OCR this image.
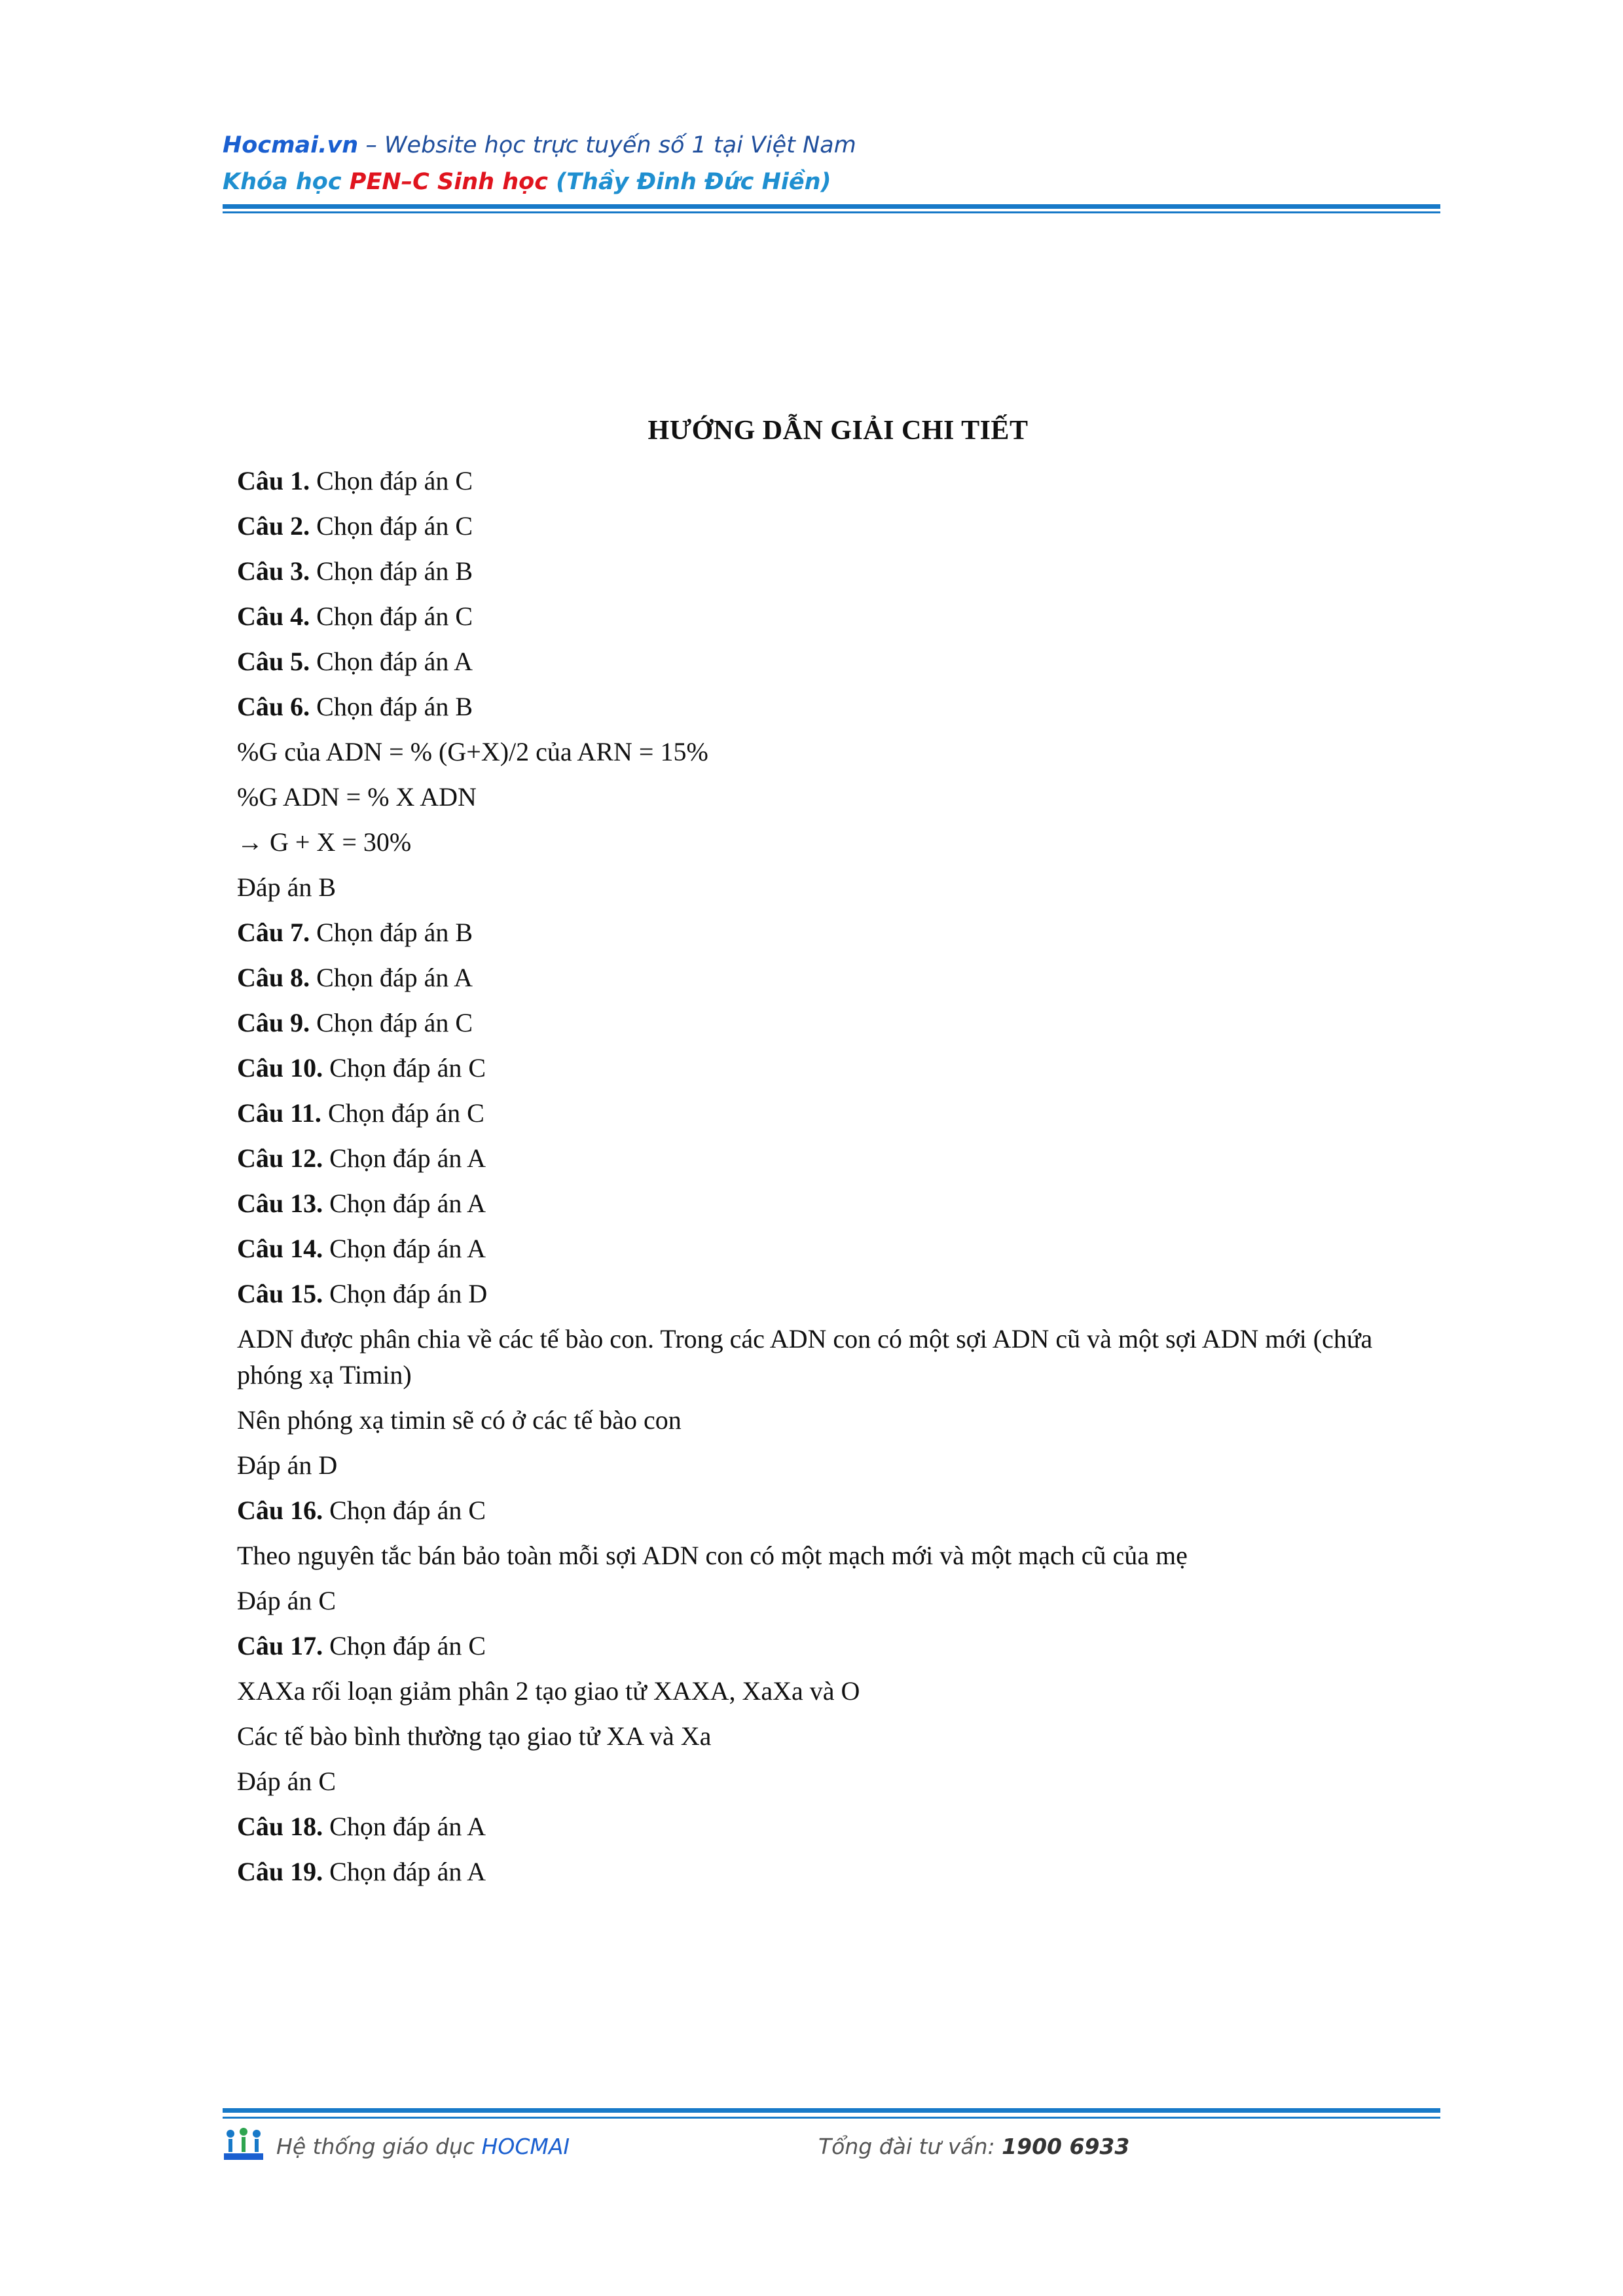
Hocmai.vn – Website học trực tuyến số 1 tại Việt Nam
Khóa học PEN–C Sinh học (Thầy Đinh Đức Hiền)
HƯỚNG DẪN GIẢI CHI TIẾT
Câu 1. Chọn đáp án C
Câu 2. Chọn đáp án C
Câu 3. Chọn đáp án B
Câu 4. Chọn đáp án C
Câu 5. Chọn đáp án A
Câu 6. Chọn đáp án B
%G của ADN = % (G+X)/2 của ARN = 15%
%G ADN = % X ADN
→ G + X = 30%
Đáp án B
Câu 7. Chọn đáp án B
Câu 8. Chọn đáp án A
Câu 9. Chọn đáp án C
Câu 10. Chọn đáp án C
Câu 11. Chọn đáp án C
Câu 12. Chọn đáp án A
Câu 13. Chọn đáp án A
Câu 14. Chọn đáp án A
Câu 15. Chọn đáp án D
ADN được phân chia về các tế bào con. Trong các ADN con có một sợi ADN cũ và một sợi ADN mới (chứa phóng xạ Timin)
Nên phóng xạ timin sẽ có ở các tế bào con
Đáp án D
Câu 16. Chọn đáp án C
Theo nguyên tắc bán bảo toàn mỗi sợi ADN con có một mạch mới và một mạch cũ của mẹ
Đáp án C
Câu 17. Chọn đáp án C
XAXa rối loạn giảm phân 2 tạo giao tử XAXA, XaXa và O
Các tế bào bình thường tạo giao tử XA và Xa
Đáp án C
Câu 18. Chọn đáp án A
Câu 19. Chọn đáp án A
Hệ thống giáo dục HOCMAI	Tổng đài tư vấn: 1900 6933
